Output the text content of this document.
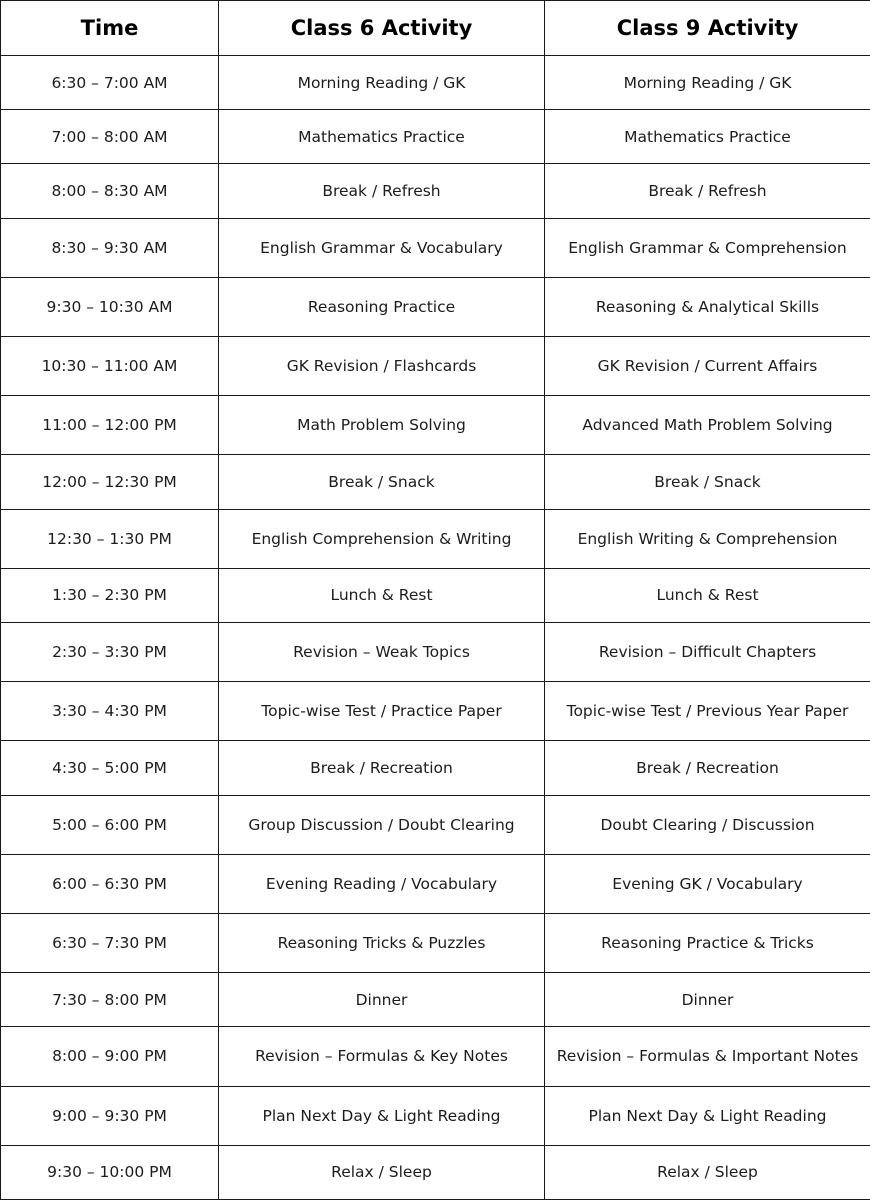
Time	Class 6 Activity	Class 9 Activity
6:30 – 7:00 AM	Morning Reading / GK	Morning Reading / GK
7:00 – 8:00 AM	Mathematics Practice	Mathematics Practice
8:00 – 8:30 AM	Break / Refresh	Break / Refresh
8:30 – 9:30 AM	English Grammar & Vocabulary	English Grammar & Comprehension
9:30 – 10:30 AM	Reasoning Practice	Reasoning & Analytical Skills
10:30 – 11:00 AM	GK Revision / Flashcards	GK Revision / Current Affairs
11:00 – 12:00 PM	Math Problem Solving	Advanced Math Problem Solving
12:00 – 12:30 PM	Break / Snack	Break / Snack
12:30 – 1:30 PM	English Comprehension & Writing	English Writing & Comprehension
1:30 – 2:30 PM	Lunch & Rest	Lunch & Rest
2:30 – 3:30 PM	Revision – Weak Topics	Revision – Difficult Chapters
3:30 – 4:30 PM	Topic-wise Test / Practice Paper	Topic-wise Test / Previous Year Paper
4:30 – 5:00 PM	Break / Recreation	Break / Recreation
5:00 – 6:00 PM	Group Discussion / Doubt Clearing	Doubt Clearing / Discussion
6:00 – 6:30 PM	Evening Reading / Vocabulary	Evening GK / Vocabulary
6:30 – 7:30 PM	Reasoning Tricks & Puzzles	Reasoning Practice & Tricks
7:30 – 8:00 PM	Dinner	Dinner
8:00 – 9:00 PM	Revision – Formulas & Key Notes	Revision – Formulas & Important Notes
9:00 – 9:30 PM	Plan Next Day & Light Reading	Plan Next Day & Light Reading
9:30 – 10:00 PM	Relax / Sleep	Relax / Sleep
